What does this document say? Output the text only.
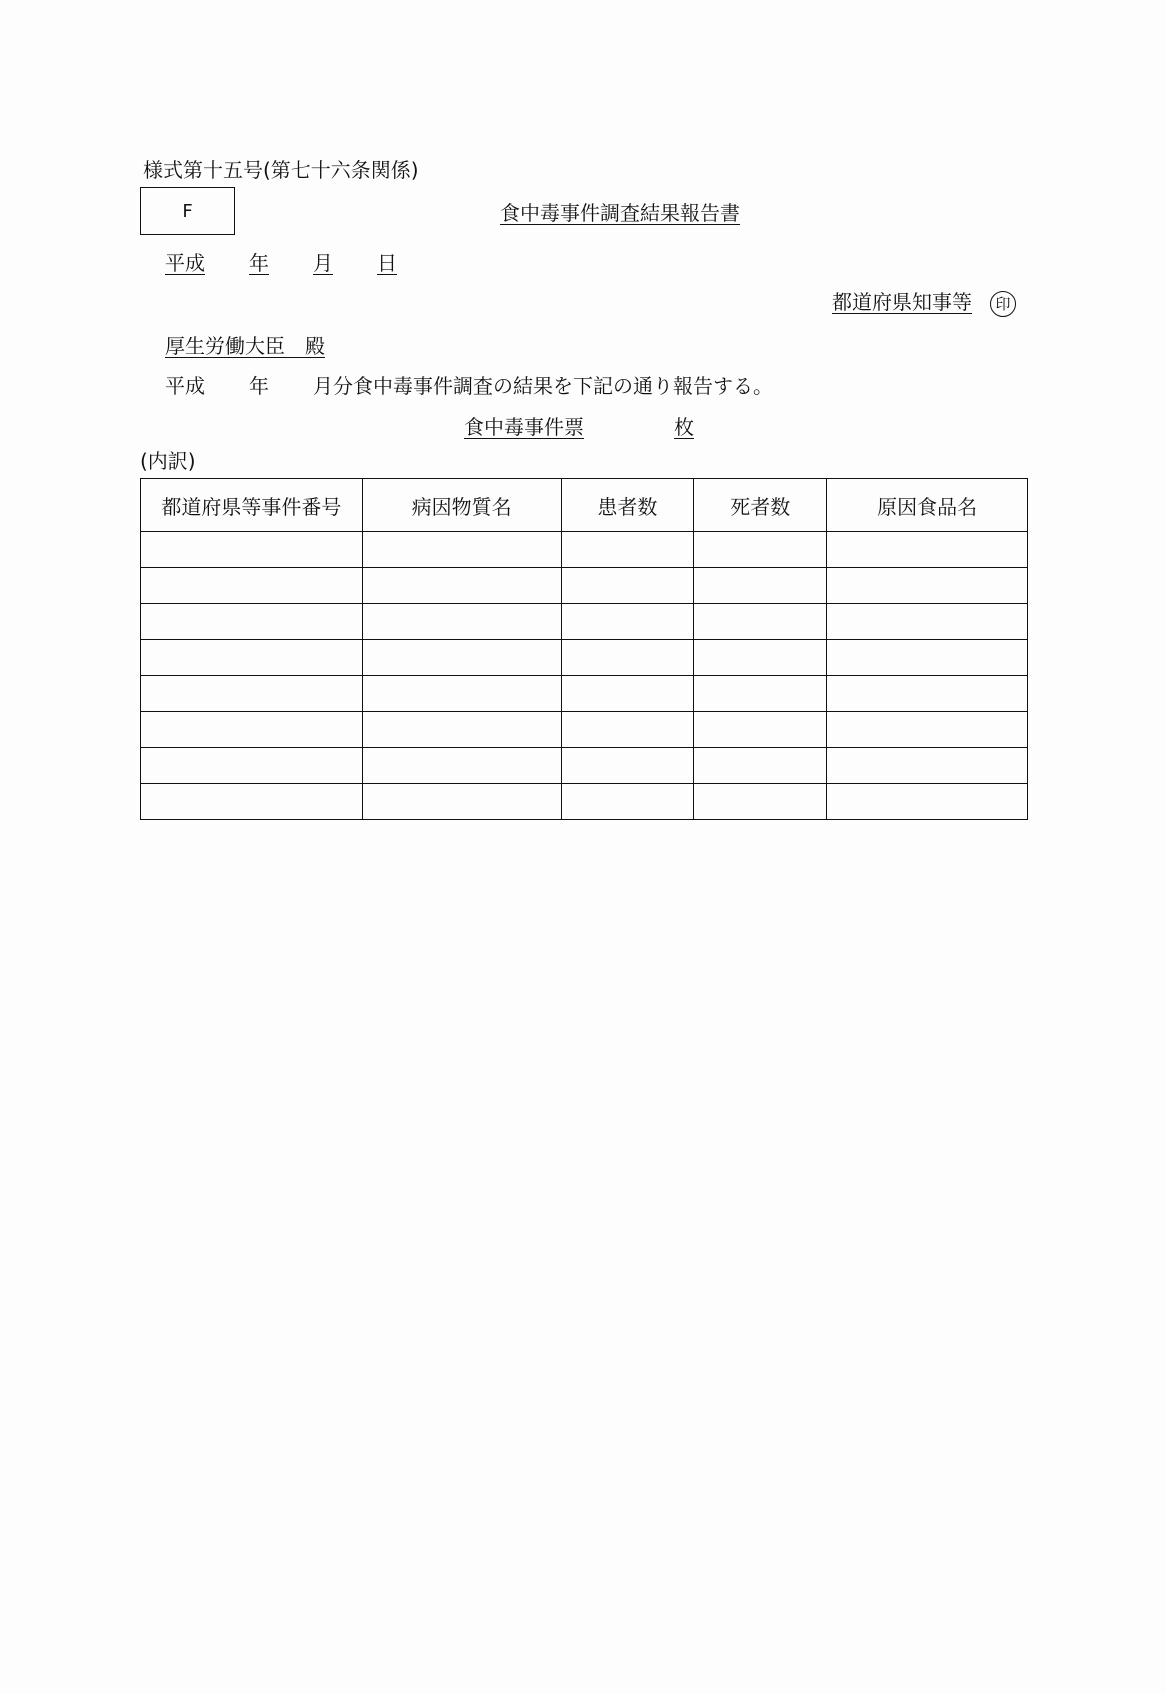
様式第十五号(第七十六条関係)
F	食中毒事件調査結果報告書
平成 年 月 日
都道府県知事等 印
厚生労働大臣　殿
平成 年 月分食中毒事件調査の結果を下記の通り報告する。
食中毒事件票	枚
(内訳)
都道府県等事件番号	病因物質名	患者数	死者数	原因食品名
